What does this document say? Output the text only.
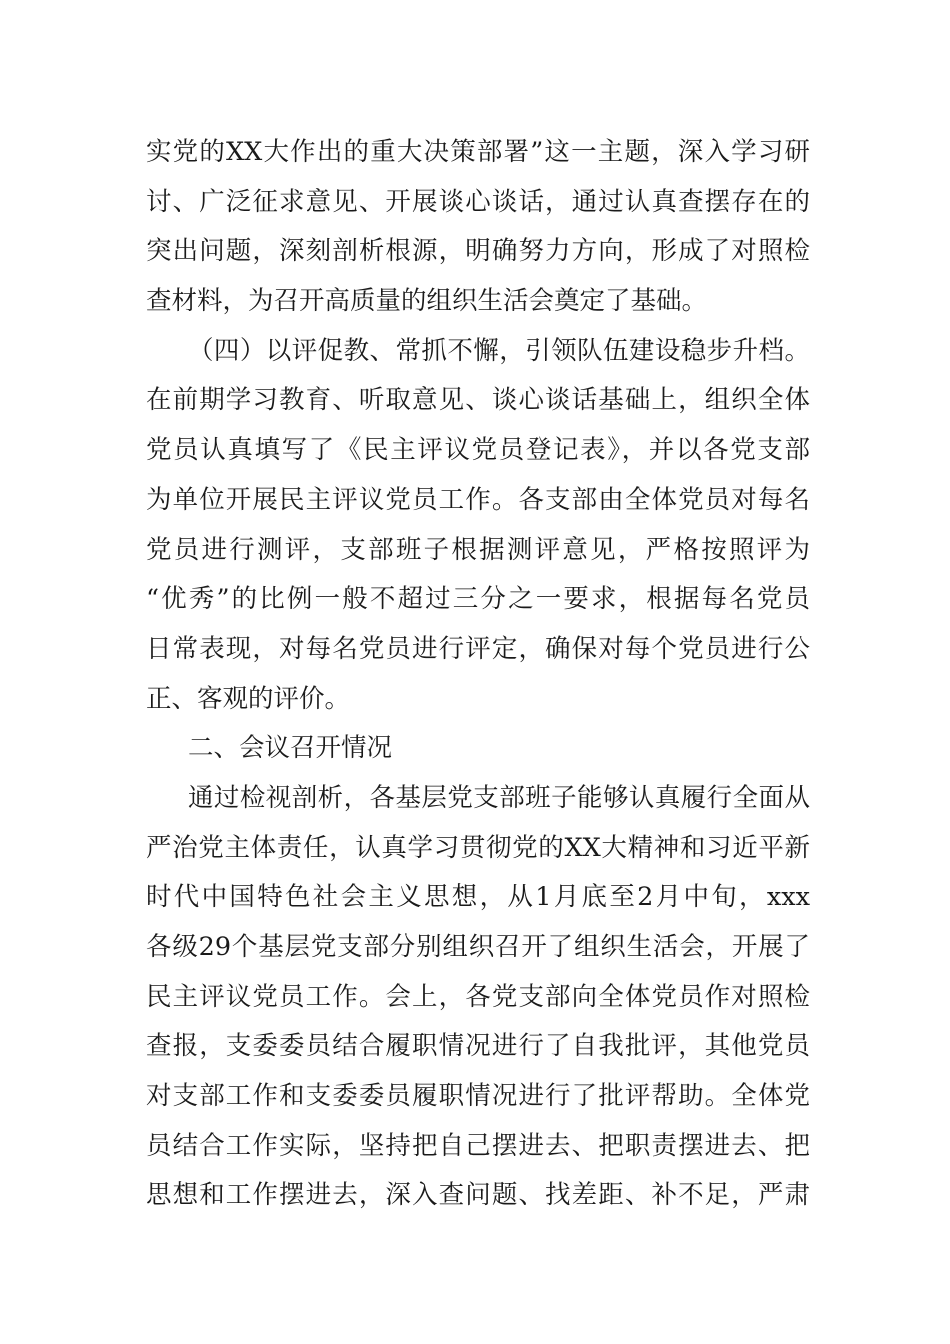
实党的XX大作出的重大决策部署”这一主题，深入学习研
讨、广泛征求意见、开展谈心谈话，通过认真查摆存在的
突出问题，深刻剖析根源，明确努力方向，形成了对照检
查材料，为召开高质量的组织生活会奠定了基础。
（四）以评促教、常抓不懈，引领队伍建设稳步升档。
在前期学习教育、听取意见、谈心谈话基础上，组织全体
党员认真填写了《民主评议党员登记表》，并以各党支部
为单位开展民主评议党员工作。各支部由全体党员对每名
党员进行测评，支部班子根据测评意见，严格按照评为
“优秀”的比例一般不超过三分之一要求，根据每名党员
日常表现，对每名党员进行评定，确保对每个党员进行公
正、客观的评价。
二、会议召开情况
通过检视剖析，各基层党支部班子能够认真履行全面从
严治党主体责任，认真学习贯彻党的XX大精神和习近平新
时代中国特色社会主义思想，从1月底至2月中旬，xxx
各级29个基层党支部分别组织召开了组织生活会，开展了
民主评议党员工作。会上，各党支部向全体党员作对照检
查报，支委委员结合履职情况进行了自我批评，其他党员
对支部工作和支委委员履职情况进行了批评帮助。全体党
员结合工作实际，坚持把自己摆进去、把职责摆进去、把
思想和工作摆进去，深入查问题、找差距、补不足，严肃
